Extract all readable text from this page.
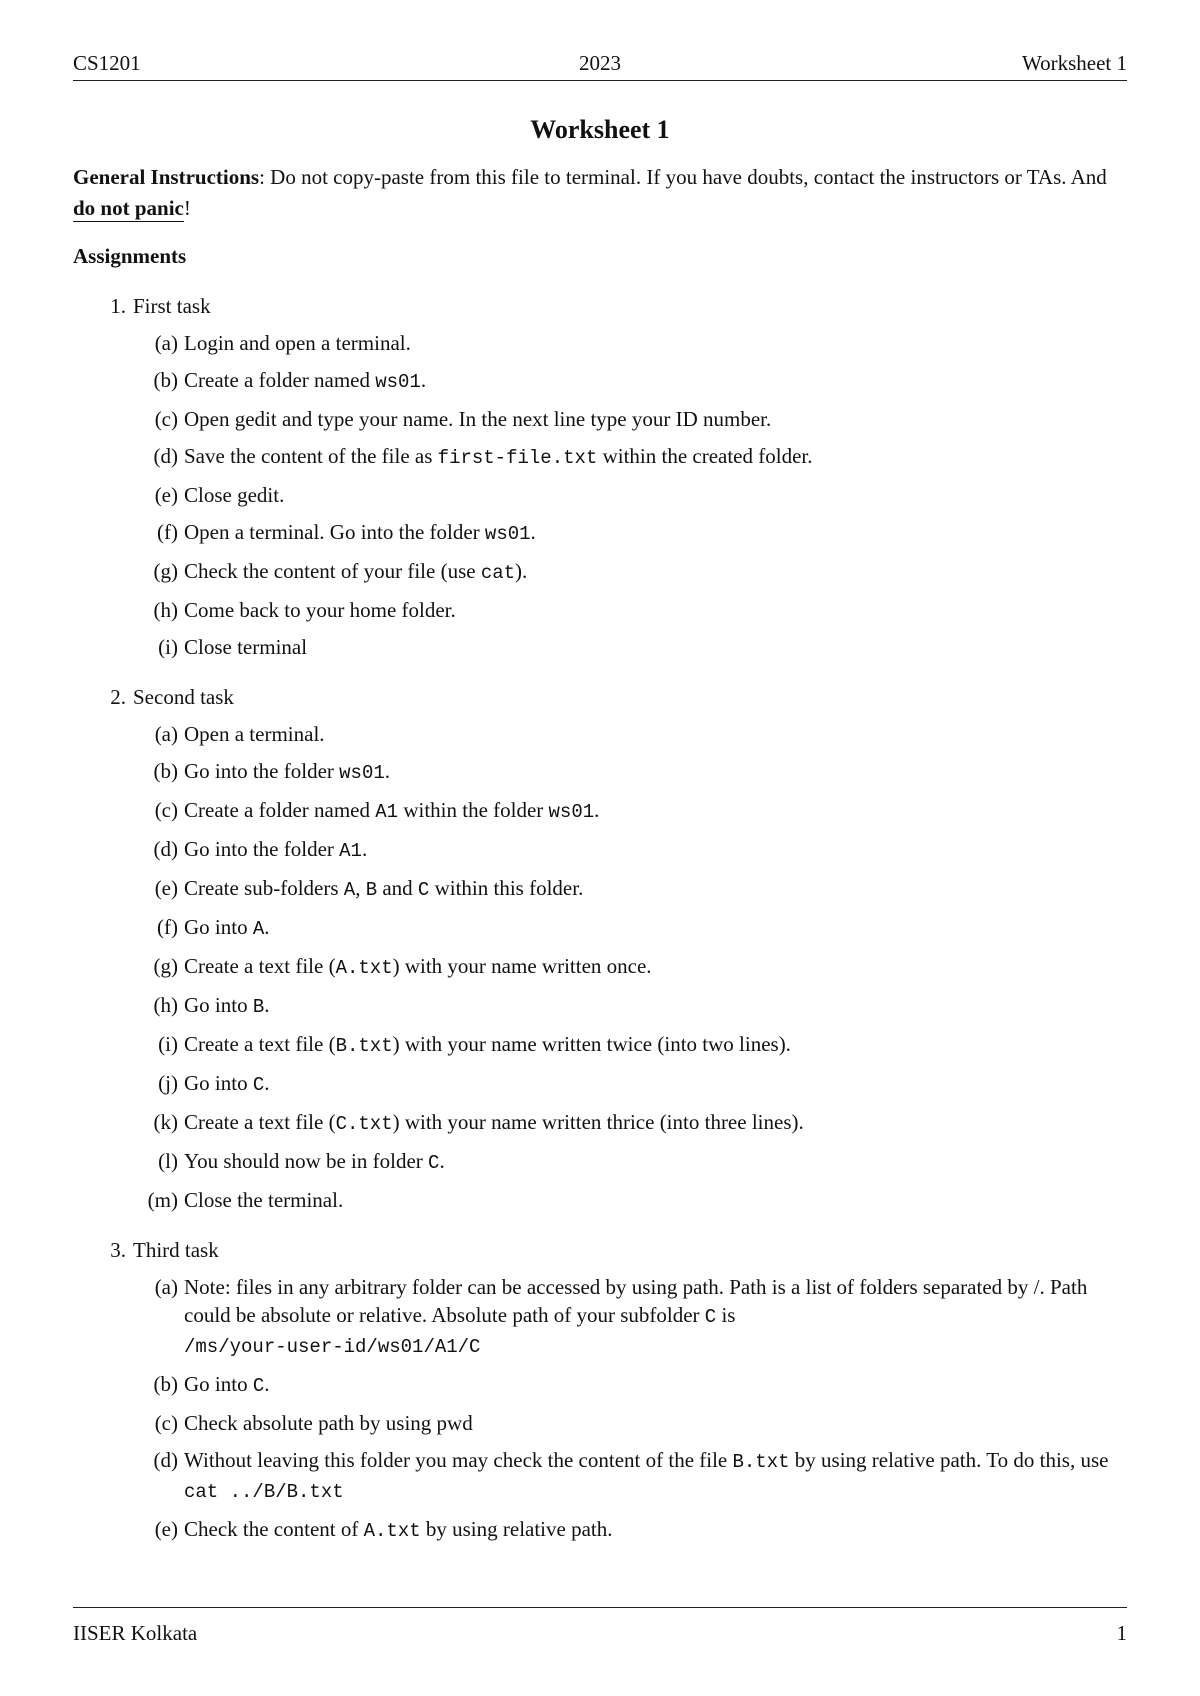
CS1201	2023	Worksheet 1
Worksheet 1

General Instructions: Do not copy-paste from this file to terminal. If you have doubts, contact the instructors or TAs. And do not panic!

Assignments
1. First task
(a) Login and open a terminal.
(b) Create a folder named ws01.
(c) Open gedit and type your name. In the next line type your ID number.
(d) Save the content of the file as first-file.txt within the created folder.
(e) Close gedit.
(f) Open a terminal. Go into the folder ws01.
(g) Check the content of your file (use cat).
(h) Come back to your home folder.
(i) Close terminal
2. Second task
(a) Open a terminal.
(b) Go into the folder ws01.
(c) Create a folder named A1 within the folder ws01.
(d) Go into the folder A1.
(e) Create sub-folders A, B and C within this folder.
(f) Go into A.
(g) Create a text file (A.txt) with your name written once.
(h) Go into B.
(i) Create a text file (B.txt) with your name written twice (into two lines).
(j) Go into C.
(k) Create a text file (C.txt) with your name written thrice (into three lines).
(l) You should now be in folder C.
(m) Close the terminal.
3. Third task
(a) Note: files in any arbitrary folder can be accessed by using path. Path is a list of folders separated by /. Path could be absolute or relative. Absolute path of your subfolder C is
/ms/your-user-id/ws01/A1/C
(b) Go into C.
(c) Check absolute path by using pwd
(d) Without leaving this folder you may check the content of the file B.txt by using relative path. To do this, use cat ../B/B.txt
(e) Check the content of A.txt by using relative path.
IISER Kolkata	1
